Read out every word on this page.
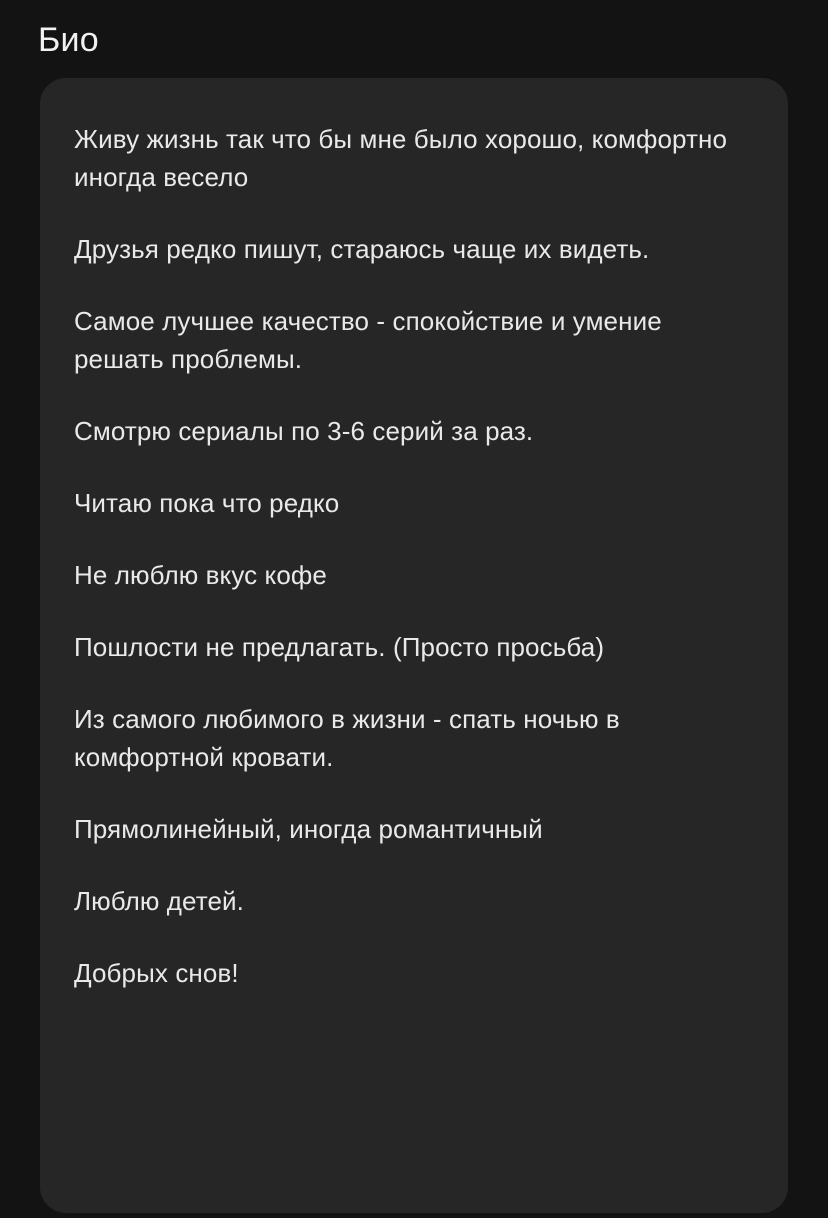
Био

Живу жизнь так что бы мне было хорошо, комфортно иногда весело

Друзья редко пишут, стараюсь чаще их видеть.

Самое лучшее качество - спокойствие и умение решать проблемы.

Смотрю сериалы по 3-6 серий за раз.

Читаю пока что редко

Не люблю вкус кофе

Пошлости не предлагать. (Просто просьба)

Из самого любимого в жизни - спать ночью в комфортной кровати.

Прямолинейный, иногда романтичный

Люблю детей.

Добрых снов!
